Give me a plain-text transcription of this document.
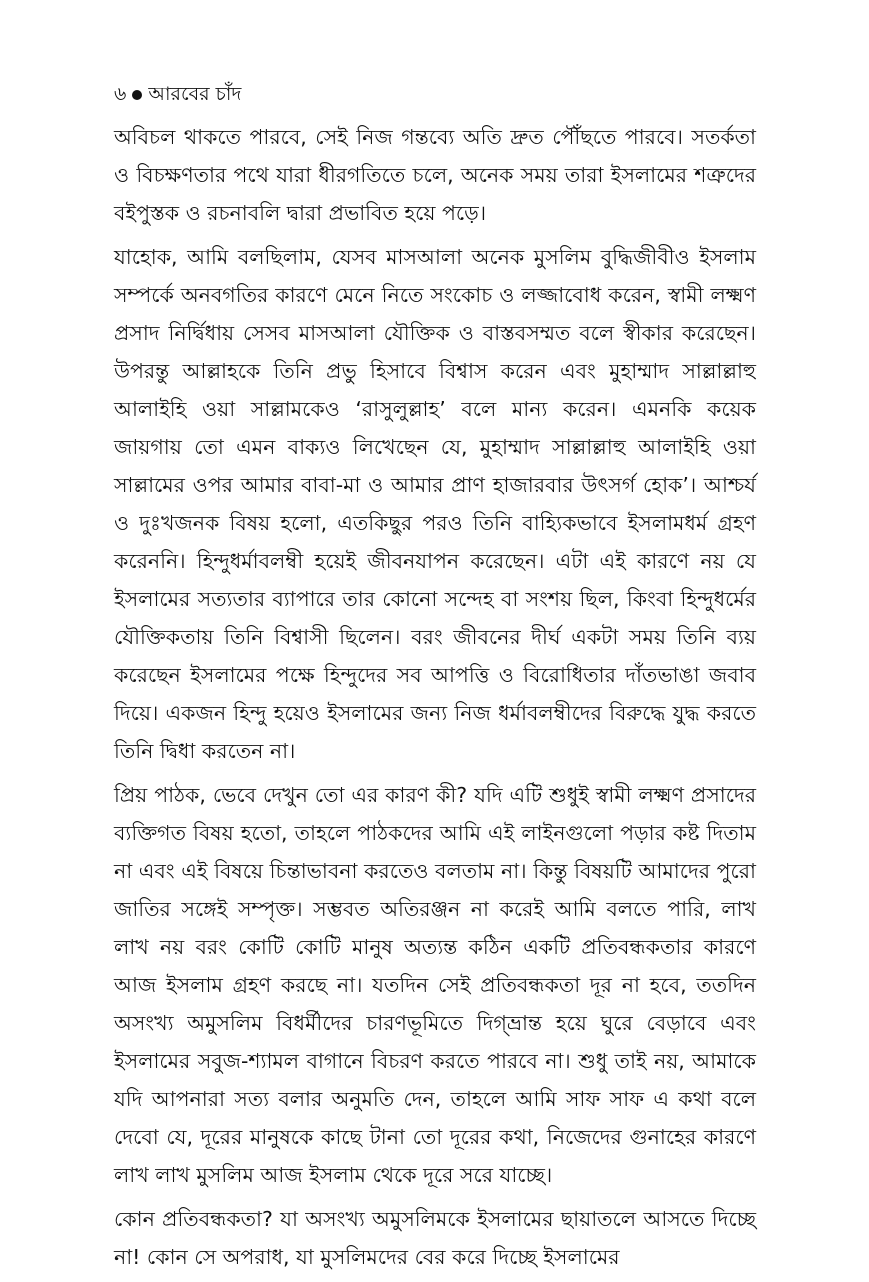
৬ আরবের চাঁদ

অবিচল থাকতে পারবে, সেই নিজ গন্তব্যে অতি দ্রুত পৌঁছতে পারবে। সতর্কতা ও বিচক্ষণতার পথে যারা ধীরগতিতে চলে, অনেক সময় তারা ইসলামের শত্রুদের বইপুস্তক ও রচনাবলি দ্বারা প্রভাবিত হয়ে পড়ে।

যাহোক, আমি বলছিলাম, যেসব মাসআলা অনেক মুসলিম বুদ্ধিজীবীও ইসলাম সম্পর্কে অনবগতির কারণে মেনে নিতে সংকোচ ও লজ্জাবোধ করেন, স্বামী লক্ষ্মণ প্রসাদ নির্দ্বিধায় সেসব মাসআলা যৌক্তিক ও বাস্তবসম্মত বলে স্বীকার করেছেন। উপরন্তু আল্লাহকে তিনি প্রভু হিসাবে বিশ্বাস করেন এবং মুহাম্মাদ সাল্লাল্লাহু আলাইহি ওয়া সাল্লামকেও ‘রাসুলুল্লাহ’ বলে মান্য করেন। এমনকি কয়েক জায়গায় তো এমন বাক্যও লিখেছেন যে, মুহাম্মাদ সাল্লাল্লাহু আলাইহি ওয়া সাল্লামের ওপর আমার বাবা-মা ও আমার প্রাণ হাজারবার উৎসর্গ হোক’। আশ্চর্য ও দুঃখজনক বিষয় হলো, এতকিছুর পরও তিনি বাহ্যিকভাবে ইসলামধর্ম গ্রহণ করেননি। হিন্দুধর্মাবলম্বী হয়েই জীবনযাপন করেছেন। এটা এই কারণে নয় যে ইসলামের সত্যতার ব্যাপারে তার কোনো সন্দেহ বা সংশয় ছিল, কিংবা হিন্দুধর্মের যৌক্তিকতায় তিনি বিশ্বাসী ছিলেন। বরং জীবনের দীর্ঘ একটা সময় তিনি ব্যয় করেছেন ইসলামের পক্ষে হিন্দুদের সব আপত্তি ও বিরোধিতার দাঁতভাঙা জবাব দিয়ে। একজন হিন্দু হয়েও ইসলামের জন্য নিজ ধর্মাবলম্বীদের বিরুদ্ধে যুদ্ধ করতে তিনি দ্বিধা করতেন না।

প্রিয় পাঠক, ভেবে দেখুন তো এর কারণ কী? যদি এটি শুধুই স্বামী লক্ষ্মণ প্রসাদের ব্যক্তিগত বিষয় হতো, তাহলে পাঠকদের আমি এই লাইনগুলো পড়ার কষ্ট দিতাম না এবং এই বিষয়ে চিন্তাভাবনা করতেও বলতাম না। কিন্তু বিষয়টি আমাদের পুরো জাতির সঙ্গেই সম্পৃক্ত। সম্ভবত অতিরঞ্জন না করেই আমি বলতে পারি, লাখ লাখ নয় বরং কোটি কোটি মানুষ অত্যন্ত কঠিন একটি প্রতিবন্ধকতার কারণে আজ ইসলাম গ্রহণ করছে না। যতদিন সেই প্রতিবন্ধকতা দূর না হবে, ততদিন অসংখ্য অমুসলিম বিধর্মীদের চারণভূমিতে দিগ্‌ভ্রান্ত হয়ে ঘুরে বেড়াবে এবং ইসলামের সবুজ-শ্যামল বাগানে বিচরণ করতে পারবে না। শুধু তাই নয়, আমাকে যদি আপনারা সত্য বলার অনুমতি দেন, তাহলে আমি সাফ সাফ এ কথা বলে দেবো যে, দূরের মানুষকে কাছে টানা তো দূরের কথা, নিজেদের গুনাহের কারণে লাখ লাখ মুসলিম আজ ইসলাম থেকে দূরে সরে যাচ্ছে।

কোন প্রতিবন্ধকতা? যা অসংখ্য অমুসলিমকে ইসলামের ছায়াতলে আসতে দিচ্ছে না! কোন সে অপরাধ, যা মুসলিমদের বের করে দিচ্ছে ইসলামের
